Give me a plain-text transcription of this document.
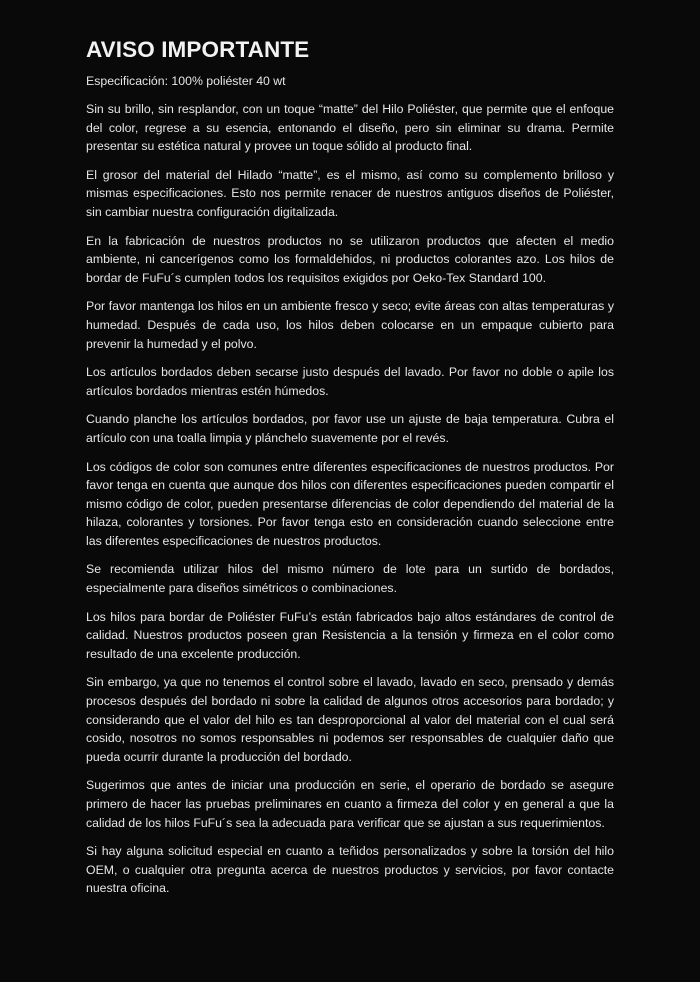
AVISO IMPORTANTE

Especificación: 100% poliéster 40 wt

Sin su brillo, sin resplandor, con un toque “matte” del Hilo Poliéster, que permite que el enfoque del color, regrese a su esencia, entonando el diseño, pero sin eliminar su drama. Permite presentar su estética natural y provee un toque sólido al producto final.

El grosor del material del Hilado “matte”, es el mismo, así como su complemento brilloso y mismas especificaciones. Esto nos permite renacer de nuestros antiguos diseños de Poliéster, sin cambiar nuestra configuración digitalizada.

En la fabricación de nuestros productos no se utilizaron productos que afecten el medio ambiente, ni cancerígenos como los formaldehidos, ni productos colorantes azo. Los hilos de bordar de FuFu´s cumplen todos los requisitos exigidos por Oeko-Tex Standard 100.

Por favor mantenga los hilos en un ambiente fresco y seco; evite áreas con altas temperaturas y humedad. Después de cada uso, los hilos deben colocarse en un empaque cubierto para prevenir la humedad y el polvo.

Los artículos bordados deben secarse justo después del lavado. Por favor no doble o apile los artículos bordados mientras estén húmedos.

Cuando planche los artículos bordados, por favor use un ajuste de baja temperatura. Cubra el artículo con una toalla limpia y plánchelo suavemente por el revés.

Los códigos de color son comunes entre diferentes especificaciones de nuestros productos. Por favor tenga en cuenta que aunque dos hilos con diferentes especificaciones pueden compartir el mismo código de color, pueden presentarse diferencias de color dependiendo del material de la hilaza, colorantes y torsiones. Por favor tenga esto en consideración cuando seleccione entre las diferentes especificaciones de nuestros productos.

Se recomienda utilizar hilos del mismo número de lote para un surtido de bordados, especialmente para diseños simétricos o combinaciones.

Los hilos para bordar de Poliéster FuFu’s están fabricados bajo altos estándares de control de calidad. Nuestros productos poseen gran Resistencia a la tensión y firmeza en el color como resultado de una excelente producción.

Sin embargo, ya que no tenemos el control sobre el lavado, lavado en seco, prensado y demás procesos después del bordado ni sobre la calidad de algunos otros accesorios para bordado; y considerando que el valor del hilo es tan desproporcional al valor del material con el cual será cosido, nosotros no somos responsables ni podemos ser responsables de cualquier daño que pueda ocurrir durante la producción del bordado.

Sugerimos que antes de iniciar una producción en serie, el operario de bordado se asegure primero de hacer las pruebas preliminares en cuanto a firmeza del color y en general a que la calidad de los hilos FuFu´s sea la adecuada para verificar que se ajustan a sus requerimientos.

Si hay alguna solicitud especial en cuanto a teñidos personalizados y sobre la torsión del hilo OEM, o cualquier otra pregunta acerca de nuestros productos y servicios, por favor contacte nuestra oficina.
